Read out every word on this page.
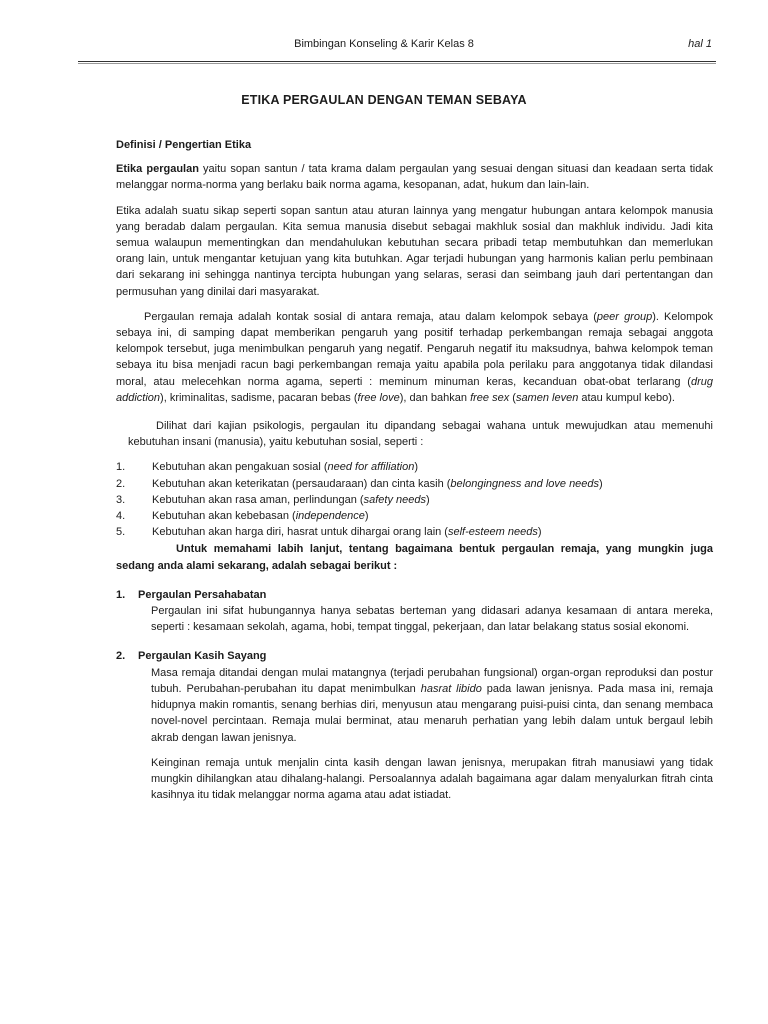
Bimbingan Konseling & Karir Kelas 8	hal 1
ETIKA PERGAULAN DENGAN TEMAN SEBAYA

Definisi / Pengertian Etika

Etika pergaulan yaitu sopan santun / tata krama dalam pergaulan yang sesuai dengan situasi dan keadaan serta tidak melanggar norma-norma yang berlaku baik norma agama, kesopanan, adat, hukum dan lain-lain.

Etika adalah suatu sikap seperti sopan santun atau aturan lainnya yang mengatur hubungan antara kelompok manusia yang beradab dalam pergaulan. Kita semua manusia disebut sebagai makhluk sosial dan makhluk individu. Jadi kita semua walaupun mementingkan dan mendahulukan kebutuhan secara pribadi tetap membutuhkan dan memerlukan orang lain, untuk mengantar ketujuan yang kita butuhkan. Agar terjadi hubungan yang harmonis kalian perlu pembinaan dari sekarang ini sehingga nantinya tercipta hubungan yang selaras, serasi dan seimbang jauh dari pertentangan dan permusuhan yang dinilai dari masyarakat.

Pergaulan remaja adalah kontak sosial di antara remaja, atau dalam kelompok sebaya (peer group). Kelompok sebaya ini, di samping dapat memberikan pengaruh yang positif terhadap perkembangan remaja sebagai anggota kelompok tersebut, juga menimbulkan pengaruh yang negatif. Pengaruh negatif itu maksudnya, bahwa kelompok teman sebaya itu bisa menjadi racun bagi perkembangan remaja yaitu apabila pola perilaku para anggotanya tidak dilandasi moral, atau melecehkan norma agama, seperti : meminum minuman keras, kecanduan obat-obat terlarang (drug addiction), kriminalitas, sadisme, pacaran bebas (free love), dan bahkan free sex (samen leven atau kumpul kebo).

Dilihat dari kajian psikologis, pergaulan itu dipandang sebagai wahana untuk mewujudkan atau memenuhi kebutuhan insani (manusia), yaitu kebutuhan sosial, seperti :

1.	Kebutuhan akan pengakuan sosial (need for affiliation)
2.	Kebutuhan akan keterikatan (persaudaraan) dan cinta kasih (belongingness and love needs)
3.	Kebutuhan akan rasa aman, perlindungan (safety needs)
4.	Kebutuhan akan kebebasan (independence)
5.	Kebutuhan akan harga diri, hasrat untuk dihargai orang lain (self-esteem needs)

Untuk memahami labih lanjut, tentang bagaimana bentuk pergaulan remaja, yang mungkin juga sedang anda alami sekarang, adalah sebagai berikut :

1.	Pergaulan Persahabatan

Pergaulan ini sifat hubungannya hanya sebatas berteman yang didasari adanya kesamaan di antara mereka, seperti : kesamaan sekolah, agama, hobi, tempat tinggal, pekerjaan, dan latar belakang status sosial ekonomi.

2.	Pergaulan Kasih Sayang

Masa remaja ditandai dengan mulai matangnya (terjadi perubahan fungsional) organ-organ reproduksi dan postur tubuh. Perubahan-perubahan itu dapat menimbulkan hasrat libido pada lawan jenisnya. Pada masa ini, remaja hidupnya makin romantis, senang berhias diri, menyusun atau mengarang puisi-puisi cinta, dan senang membaca novel-novel percintaan. Remaja mulai berminat, atau menaruh perhatian yang lebih dalam untuk bergaul lebih akrab dengan lawan jenisnya.

Keinginan remaja untuk menjalin cinta kasih dengan lawan jenisnya, merupakan fitrah manusiawi yang tidak mungkin dihilangkan atau dihalang-halangi. Persoalannya adalah bagaimana agar dalam menyalurkan fitrah cinta kasihnya itu tidak melanggar norma agama atau adat istiadat.
